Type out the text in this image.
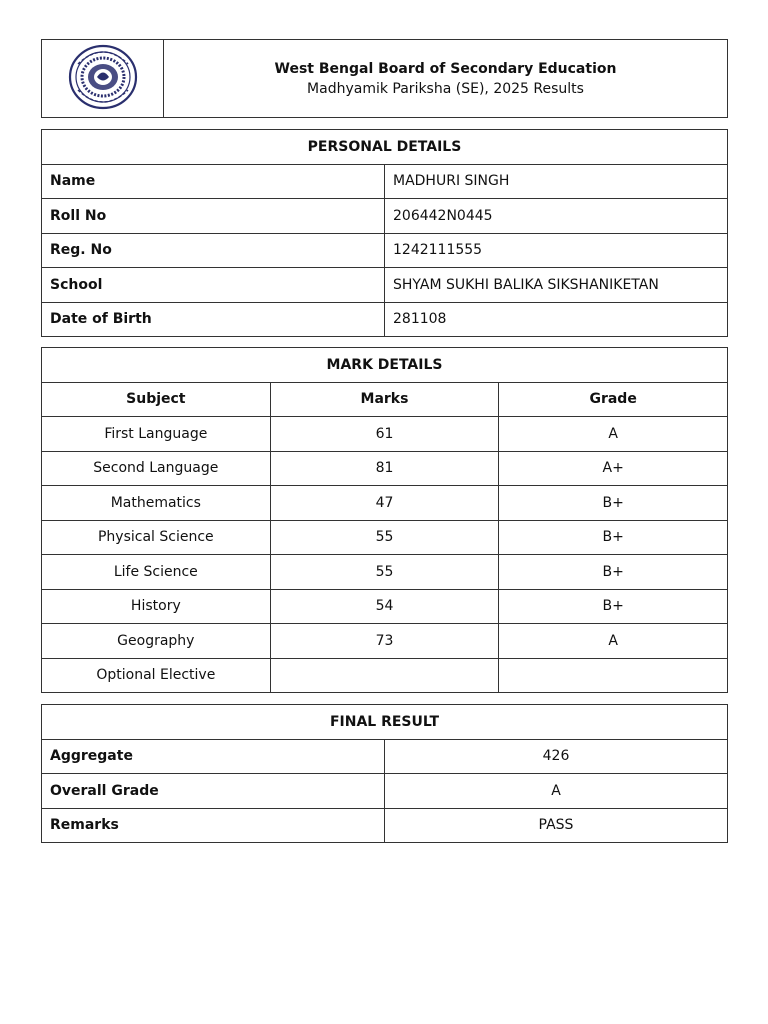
West Bengal Board of Secondary Education
Madhyamik Pariksha (SE), 2025 Results
PERSONAL DETAILS	
Name	MADHURI SINGH
Roll No	206442N0445
Reg. No	1242111555
School	SHYAM SUKHI BALIKA SIKSHANIKETAN
Date of Birth	281108
MARK DETAILS		
Subject	Marks	Grade
First Language	61	A
Second Language	81	A+
Mathematics	47	B+
Physical Science	55	B+
Life Science	55	B+
History	54	B+
Geography	73	A
Optional Elective		
FINAL RESULT	
Aggregate	426
Overall Grade	A
Remarks	PASS
